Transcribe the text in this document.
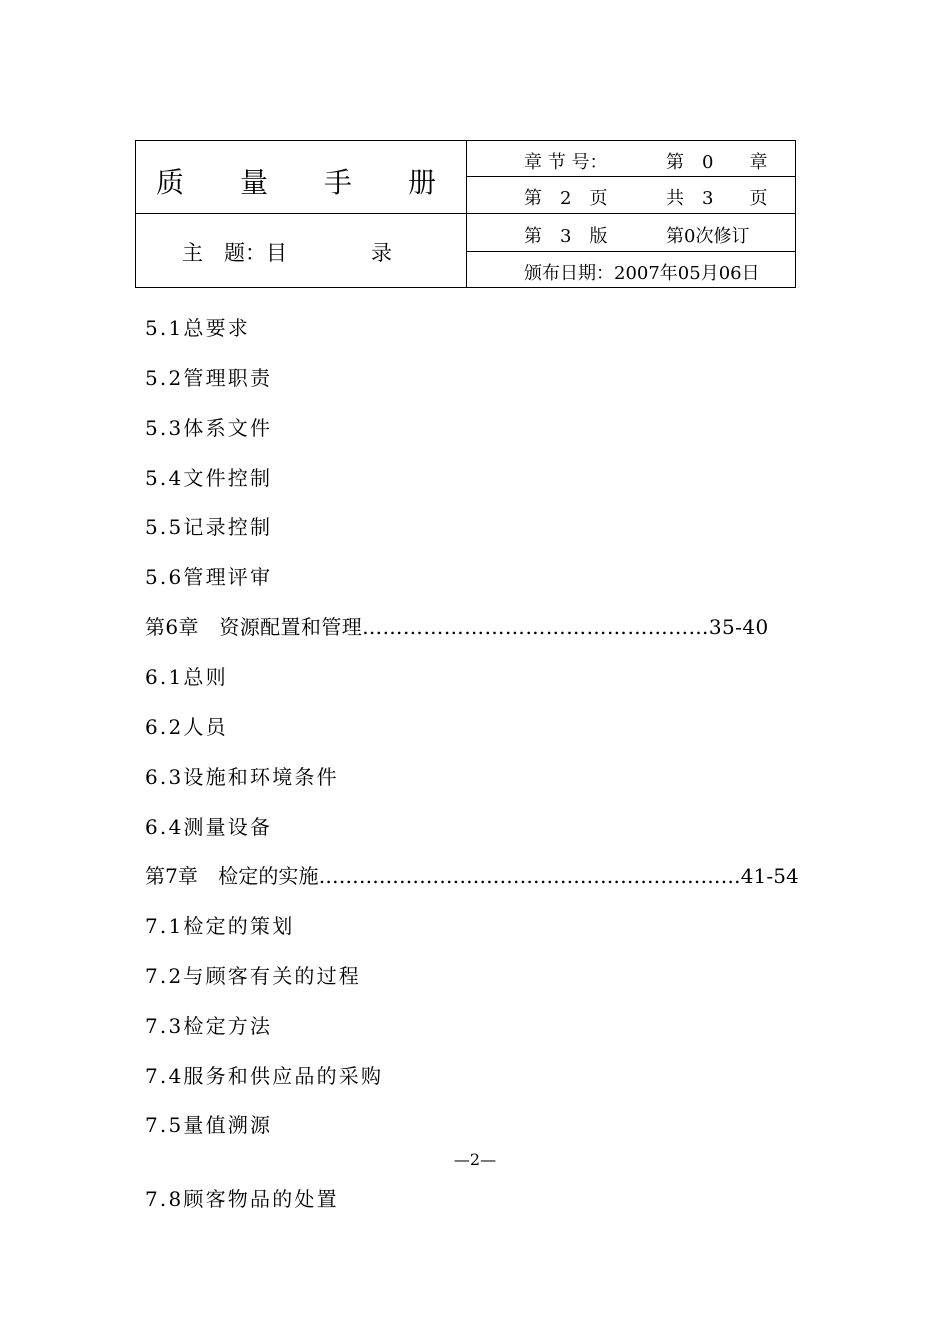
质　　量　　手　　册
主　题：目　　　　录
章 节 号：	第　0　　章
第　2　页	共　3　　页
第　3　版	第0次修订
颁布日期：2007年05月06日
5.1总要求
5.2管理职责
5.3体系文件
5.4文件控制
5.5记录控制
5.6管理评审
第6章　资源配置和管理……………………………………………35-40
6.1总则
6.2人员
6.3设施和环境条件
6.4测量设备
第7章　检定的实施………………………………………………………41-54
7.1检定的策划
7.2与顾客有关的过程
7.3检定方法
7.4服务和供应品的采购
7.5量值溯源
7.8顾客物品的处置
—2—
